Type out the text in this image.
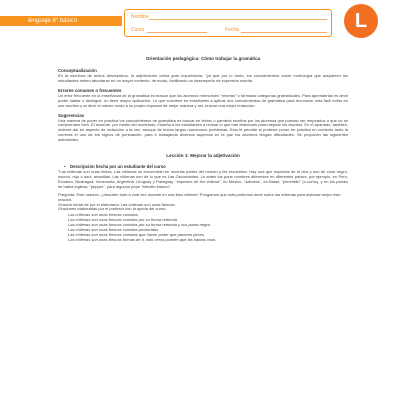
lenguaje 6° básico
Nombre
Curso	Fecha	L
Orientación pedagógica: Cómo trabajar la gramática
Conceptualización
En la escritura de textos descriptivos, la adjetivación cobra gran importancia, "ya que por lo tanto, los conocimientos sobre morfología que adquieren los estudiantes deben abordarse en un mayor contexto, de modo, facilitando un desempeño de expresión escrita.
Errores comunes o frecuentes
Un error frecuente en la enseñanza de la gramática es buscar que los alumnos memoricen "recetas" o fórmulas categorías gramaticales. Para aprenderlas es decir poder hablar o distinguir, no tiene mayor aplicación. Lo que conviene es enseñarles a aplicar sus conocimientos de gramática para reconocer más fácil evitar en sus escritos y al decir el mismo modo a su propio expresar de mejor manera y así, buscar una mejor redacción.
Sugerencias
Una manera de poner en práctica los conocimientos de gramática es buscar en textos o párrafos escritos por los alumnos que puedan ser mejorados o que no se comprenden bien. El docente, por medio del modelado, enseña a los estudiantes a revisar lo que han elaborado para mejorar los escritos. En el apartado, también, obtener así en aspecto de redacción a la vez, aunque de textos largos numerosos problemas. Esto le permite al profesor poner en práctica en contexto tanto la correcta el uso de los signos de puntuación, para ir trabajando diversos aspectos en la que los alumnos tengan dificultades. Se proponen las siguientes actividades.
Lección 1: Mejorar la adjetivación
• Descripción hecha por un estudiante del curso
"Las chilenas son unas lindas. Las chilenas se encuentran en muchas partes del mundo y les recuerdan. Hay una que especias de el otra y son de color negro, oscuro, rojo o azul, amarillas. Las chilenas son de lo que es Las Oscuridades. Lo antes los pone nombres diferentes en diferentes países, por ejemplo, en Perú, Ecuador, Nicaragua, Venezuela, Argentina, Uruguay y Paraguay, "especies de flor chilena", en México, "sabores", en Brasil, "pimentão" (o como), y en los países de habla inglesa, "pepper", para algunos pepe "arbolito blanco".
Pregunta: Este oración, ¿describe todo a cuál vez durante en una lista chilena? Pongamos que más podemos decir sobre las chilenas para elaborar mejor este oración.
Oración inicial de por el elaborarlo: Las chilenas son unas frescas.
Oraciones elaboradas por el profesor con la ayuda del curso:
Las chilenas son unas frescas comidas.
Las chilenas son unas frescas comidas por su forma redonda.
Las chilenas son unas frescas comidas por su forma redonda y sus punta negra.
Las chilenas son unas frescas comidas producidas.
Las chilenas son unas frescas comidas que hacen poner que parecen peces.
Las chilenas son unas frescas formas de ti, más cerca pueden que las habías visto.
